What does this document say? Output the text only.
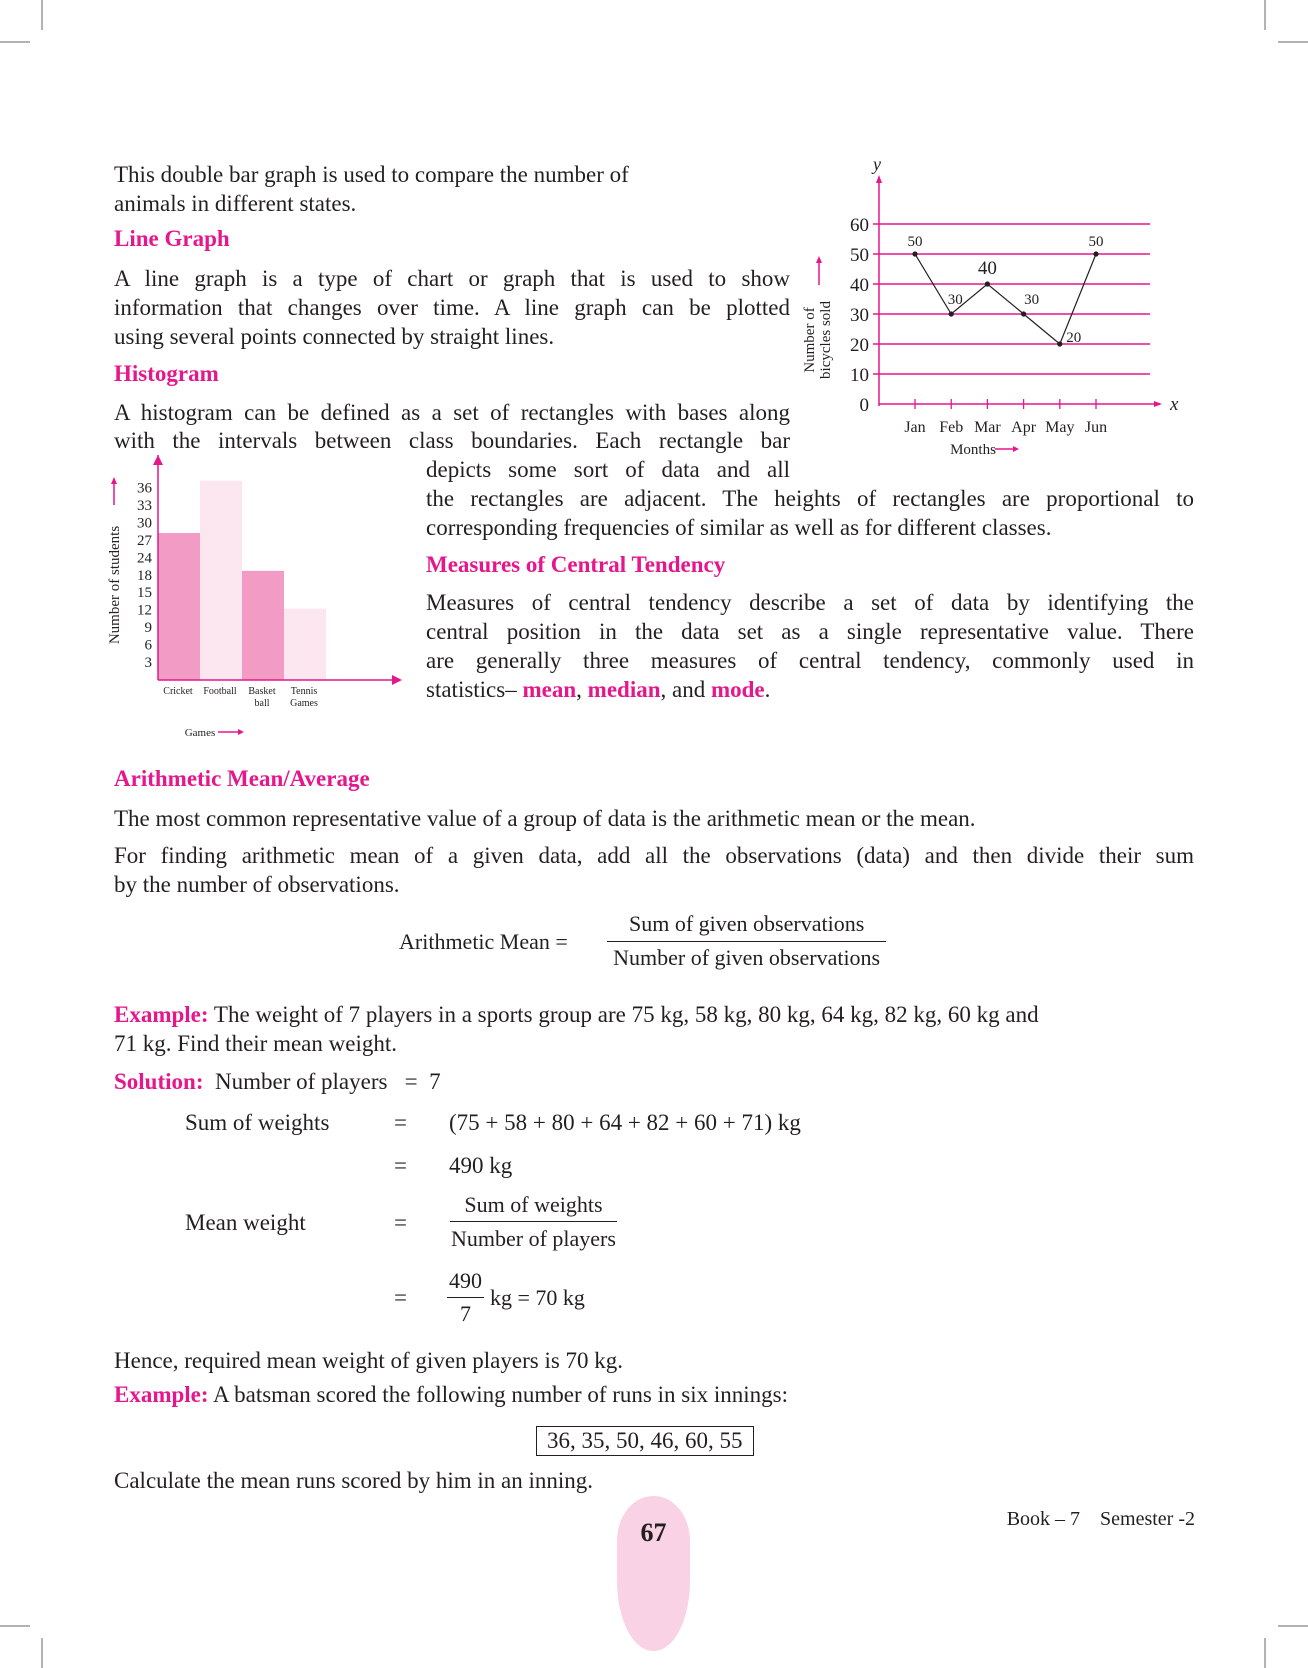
This double bar graph is used to compare the number of
animals in different states.

Line Graph

A line graph is a type of chart or graph that is used to show

information that changes over time. A line graph can be plotted

using several points connected by straight lines.

Histogram

A histogram can be defined as a set of rectangles with bases along

with the intervals between class boundaries. Each rectangle bar

depicts some sort of data and all

the rectangles are adjacent. The heights of rectangles are proportional to

corresponding frequencies of similar as well as for different classes.

Measures of Central Tendency

Measures of central tendency describe a set of data by identifying the

central position in the data set as a single representative value. There

are generally three measures of central tendency, commonly used in

statistics– mean, median, and mode.

0
10
20
30
40
50
60
y
x
Jan Feb Mar Apr May Jun
Months
Number of bicycles sold
50
30
40
30
20
50
Cricket Football Basket
ball
Tennis
Games
3
6
9
12
15
18
24
27
30
33
36
Number of students
Games
Arithmetic Mean/Average

The most common representative value of a group of data is the arithmetic mean or the mean.

For finding arithmetic mean of a given data, add all the observations (data) and then divide their sum

by the number of observations.

Arithmetic Mean =
Sum of given observations
Number of given observations

Example: The weight of 7 players in a sports group are 75 kg, 58 kg, 80 kg, 64 kg, 82 kg, 60 kg and
71 kg. Find their mean weight.

Solution:  Number of players   =  7

Sum of weights	= (75 + 58 + 80 + 64 + 82 + 60 + 71) kg
= 490 kg
Mean weight	=
Sum of weights
Number of players
= $\frac{490}{7}$ kg = 70 kg

Hence, required mean weight of given players is 70 kg.

Example: A batsman scored the following number of runs in six innings:

36, 35, 50, 46, 60, 55

Calculate the mean runs scored by him in an inning.

67	Book – 7    Semester -2
